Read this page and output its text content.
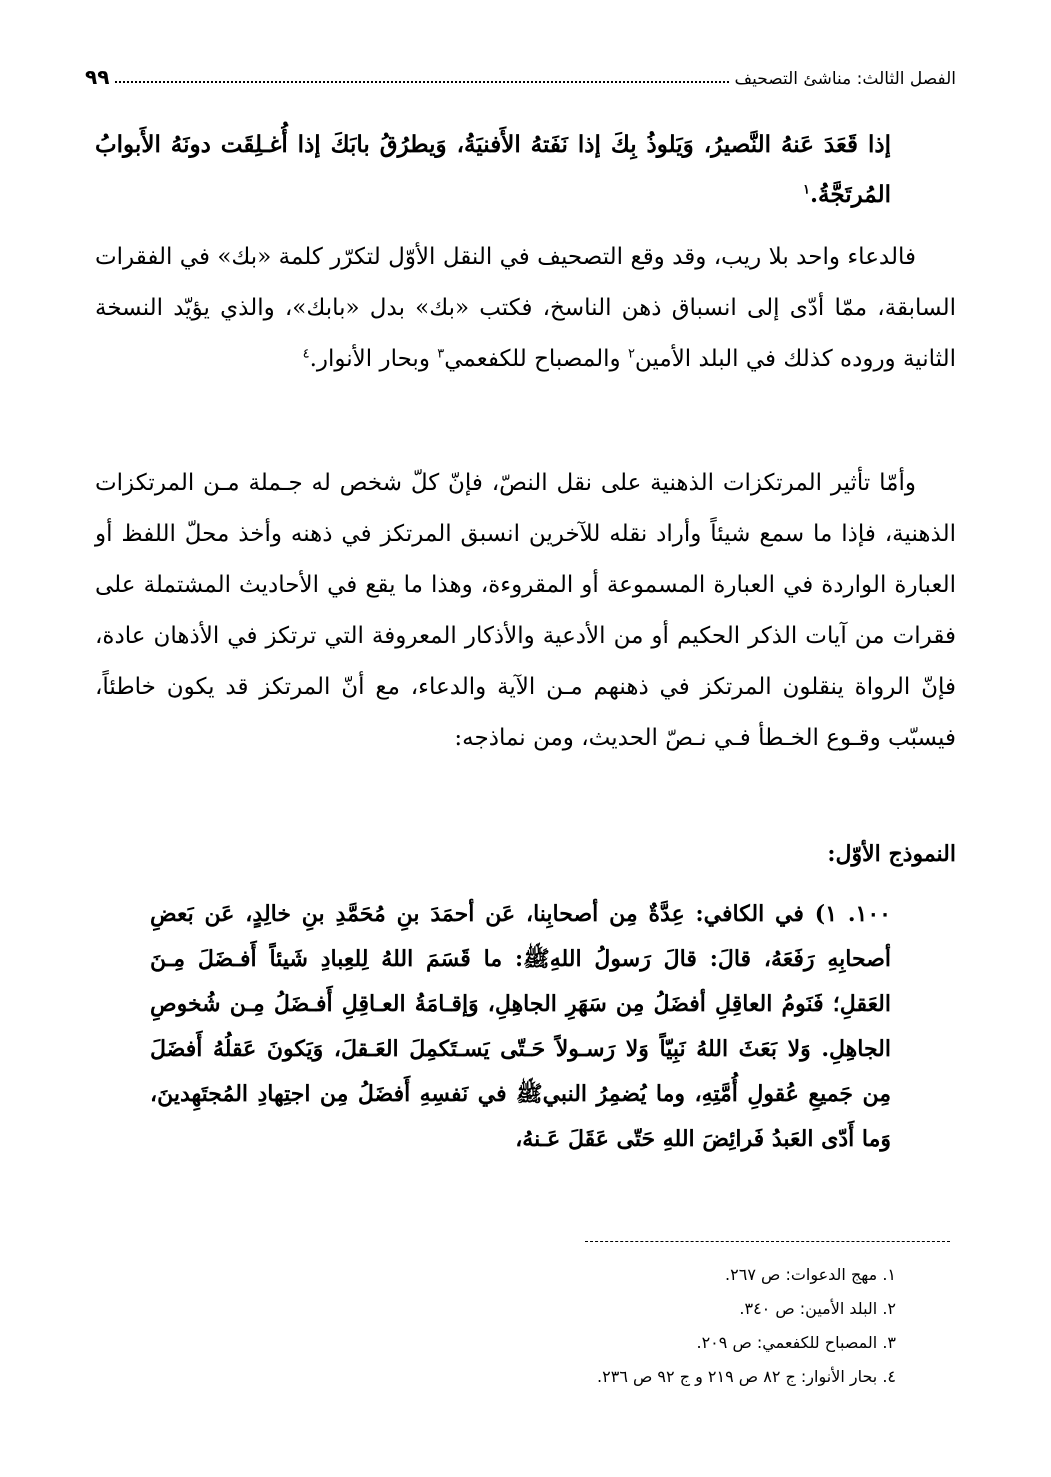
الفصل الثالث: مناشئ التصحيف
٩٩
إذا قَعَدَ عَنهُ النَّصيرُ، وَيَلوذُ بِكَ إذا نَفَتهُ الأَفنيَةُ، وَيطرُقُ بابَكَ إذا أُغـلِقَت دونَهُ الأَبوابُ المُرتَجَّةُ.$^١$

فالدعاء واحد بلا ريب، وقد وقع التصحيف في النقل الأوّل لتكرّر كلمة «بك» في الفقرات السابقة، ممّا أدّى إلى انسباق ذهن الناسخ، فكتب «بك» بدل «بابك»، والذي يؤيّد النسخة الثانية وروده كذلك في البلد الأمين$^٢$ والمصباح للكفعمي$^٣$ وبحار الأنوار.$^٤$

وأمّا تأثير المرتكزات الذهنية على نقل النصّ، فإنّ كلّ شخص له جـملة مـن المرتكزات الذهنية، فإذا ما سمع شيئاً وأراد نقله للآخرين انسبق المرتكز في ذهنه وأخذ محلّ اللفظ أو العبارة الواردة في العبارة المسموعة أو المقروءة، وهذا ما يقع في الأحاديث المشتملة على فقرات من آيات الذكر الحكيم أو من الأدعية والأذكار المعروفة التي ترتكز في الأذهان عادة، فإنّ الرواة ينقلون المرتكز في ذهنهم مـن الآية والدعاء، مع أنّ المرتكز قد يكون خاطئاً، فيسبّب وقـوع الخـطأ فـي نـصّ الحديث، ومن نماذجه:

النموذج الأوّل:
١٠٠. ١) في الكافي: عِدَّةٌ مِن أصحابِنا، عَن أحمَدَ بنِ مُحَمَّدِ بنِ خالِدٍ، عَن بَعضِ أصحابِهِ رَفَعَهُ، قالَ: قالَ رَسولُ اللهِﷺ: ما قَسَمَ اللهُ لِلعِبادِ شَيئاً أَفـضَلَ مِـنَ العَقلِ؛ فَنَومُ العاقِلِ أفضَلُ مِن سَهَرِ الجاهِلِ، وَإقـامَةُ العـاقِلِ أَفـضَلُ مِـن شُخوصِ الجاهِلِ. وَلا بَعَثَ اللهُ نَبِيّاً وَلا رَسـولاً حَـتّى يَسـتَكمِلَ العَـقلَ، وَيَكونَ عَقلُهُ أَفضَلَ مِن جَميعِ عُقولِ أُمَّتِهِ، وما يُضمِرُ النبيﷺ في نَفسِهِ أَفضَلُ مِن اجتِهادِ المُجتَهِدينَ، وَما أَدّى العَبدُ فَرائِضَ اللهِ حَتّى عَقَلَ عَـنهُ،
١. مهج الدعوات: ص ٢٦٧.
٢. البلد الأمين: ص ٣٤٠.
٣. المصباح للكفعمي: ص ٢٠٩.
٤. بحار الأنوار: ج ٨٢ ص ٢١٩ و ج ٩٢ ص ٢٣٦.
